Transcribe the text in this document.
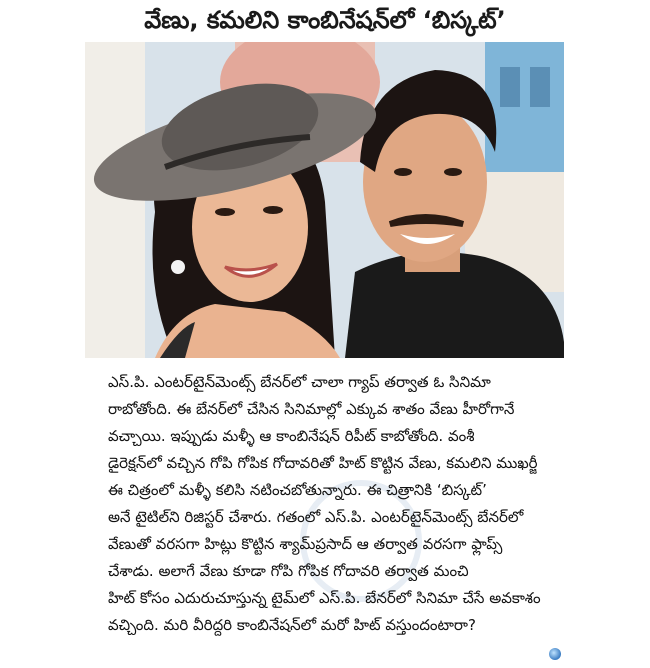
వేణు, కమలిని కాంబినేషన్‌లో ‘బిస్కట్’

ఎస్.పి. ఎంటర్‌టైన్‌మెంట్స్ బేనర్‌లో చాలా గ్యాప్ తర్వాత ఓ సినిమా

రాబోతోంది. ఈ బేనర్‌లో చేసిన సినిమాల్లో ఎక్కువ శాతం వేణు హీరోగానే

వచ్చాయి. ఇప్పుడు మళ్ళీ ఆ కాంబినేషన్ రిపీట్ కాబోతోంది. వంశీ

డైరెక్షన్‌లో వచ్చిన గోపి గోపిక గోదావరితో హిట్ కొట్టిన వేణు, కమలిని ముఖర్జీ

ఈ చిత్రంలో మళ్ళీ కలిసి నటించబోతున్నారు. ఈ చిత్రానికి ‘బిస్కట్’

అనే టైటిల్‌ని రిజిస్టర్ చేశారు. గతంలో ఎస్.పి. ఎంటర్‌టైన్‌మెంట్స్ బేనర్‌లో

వేణుతో వరసగా హిట్లు కొట్టిన శ్యామ్‌ప్రసాద్ ఆ తర్వాత వరసగా ఫ్లాప్స్

చేశాడు. అలాగే వేణు కూడా గోపి గోపిక గోదావరి తర్వాత మంచి

హిట్ కోసం ఎదురుచూస్తున్న టైమ్‌లో ఎస్.పి. బేనర్‌లో సినిమా చేసే అవకాశం

వచ్చింది. మరి వీరిద్దరి కాంబినేషన్‌లో మరో హిట్ వస్తుందంటారా?
